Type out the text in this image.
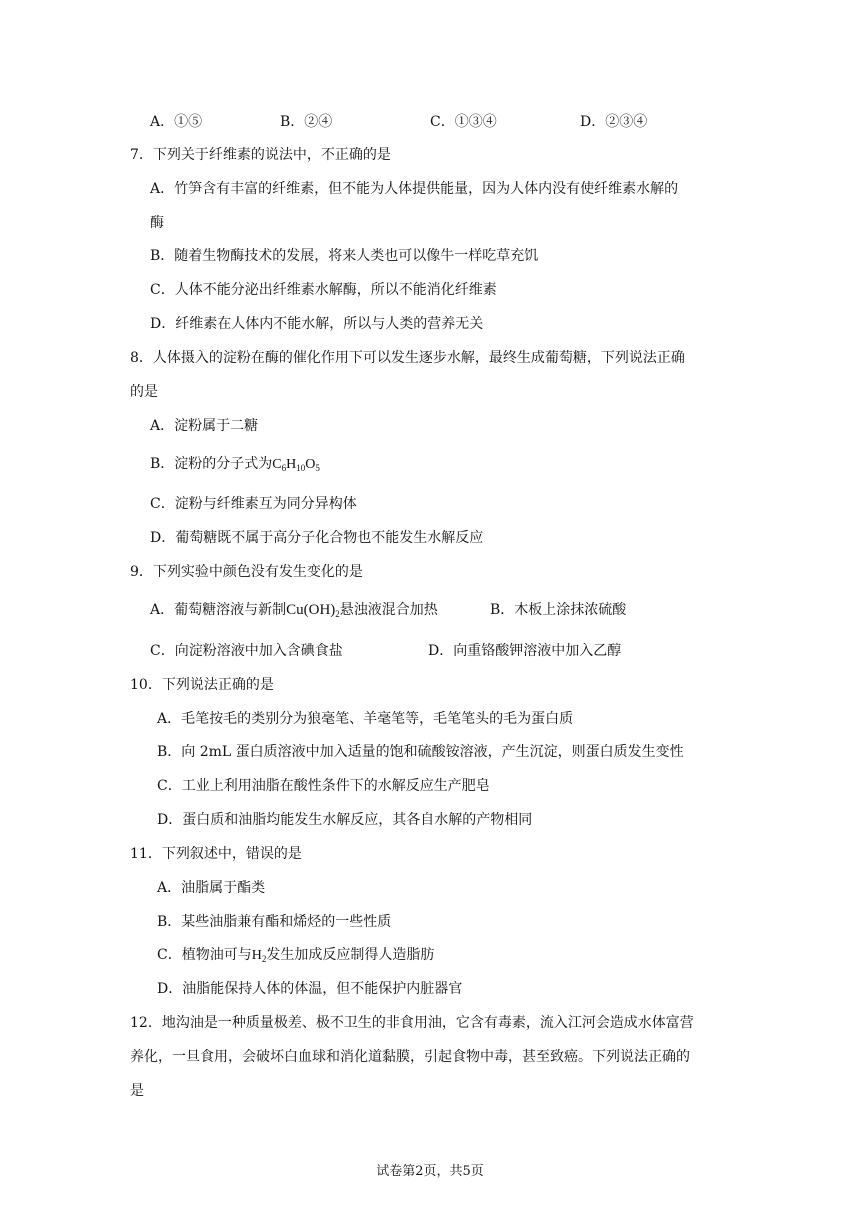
A．①⑤	B．②④	C．①③④	D．②③④
7．下列关于纤维素的说法中，不正确的是
A．竹笋含有丰富的纤维素，但不能为人体提供能量，因为人体内没有使纤维素水解的
酶
B．随着生物酶技术的发展，将来人类也可以像牛一样吃草充饥
C．人体不能分泌出纤维素水解酶，所以不能消化纤维素
D．纤维素在人体内不能水解，所以与人类的营养无关
8．人体摄入的淀粉在酶的催化作用下可以发生逐步水解，最终生成葡萄糖，下列说法正确
的是
A．淀粉属于二糖
B．淀粉的分子式为$C_6H_{10}O_5$
C．淀粉与纤维素互为同分异构体
D．葡萄糖既不属于高分子化合物也不能发生水解反应
9．下列实验中颜色没有发生变化的是
A．葡萄糖溶液与新制$Cu(OH)_2$悬浊液混合加热	B．木板上涂抹浓硫酸
C．向淀粉溶液中加入含碘食盐	D．向重铬酸钾溶液中加入乙醇
10．下列说法正确的是
A．毛笔按毛的类别分为狼毫笔、羊毫笔等，毛笔笔头的毛为蛋白质
B．向 2mL 蛋白质溶液中加入适量的饱和硫酸铵溶液，产生沉淀，则蛋白质发生变性
C．工业上利用油脂在酸性条件下的水解反应生产肥皂
D．蛋白质和油脂均能发生水解反应，其各自水解的产物相同
11．下列叙述中，错误的是
A．油脂属于酯类
B．某些油脂兼有酯和烯烃的一些性质
C．植物油可与$H_2$发生加成反应制得人造脂肪
D．油脂能保持人体的体温，但不能保护内脏器官
12．地沟油是一种质量极差、极不卫生的非食用油，它含有毒素，流入江河会造成水体富营
养化，一旦食用，会破坏白血球和消化道黏膜，引起食物中毒，甚至致癌。下列说法正确的
是
试卷第2页，共5页
